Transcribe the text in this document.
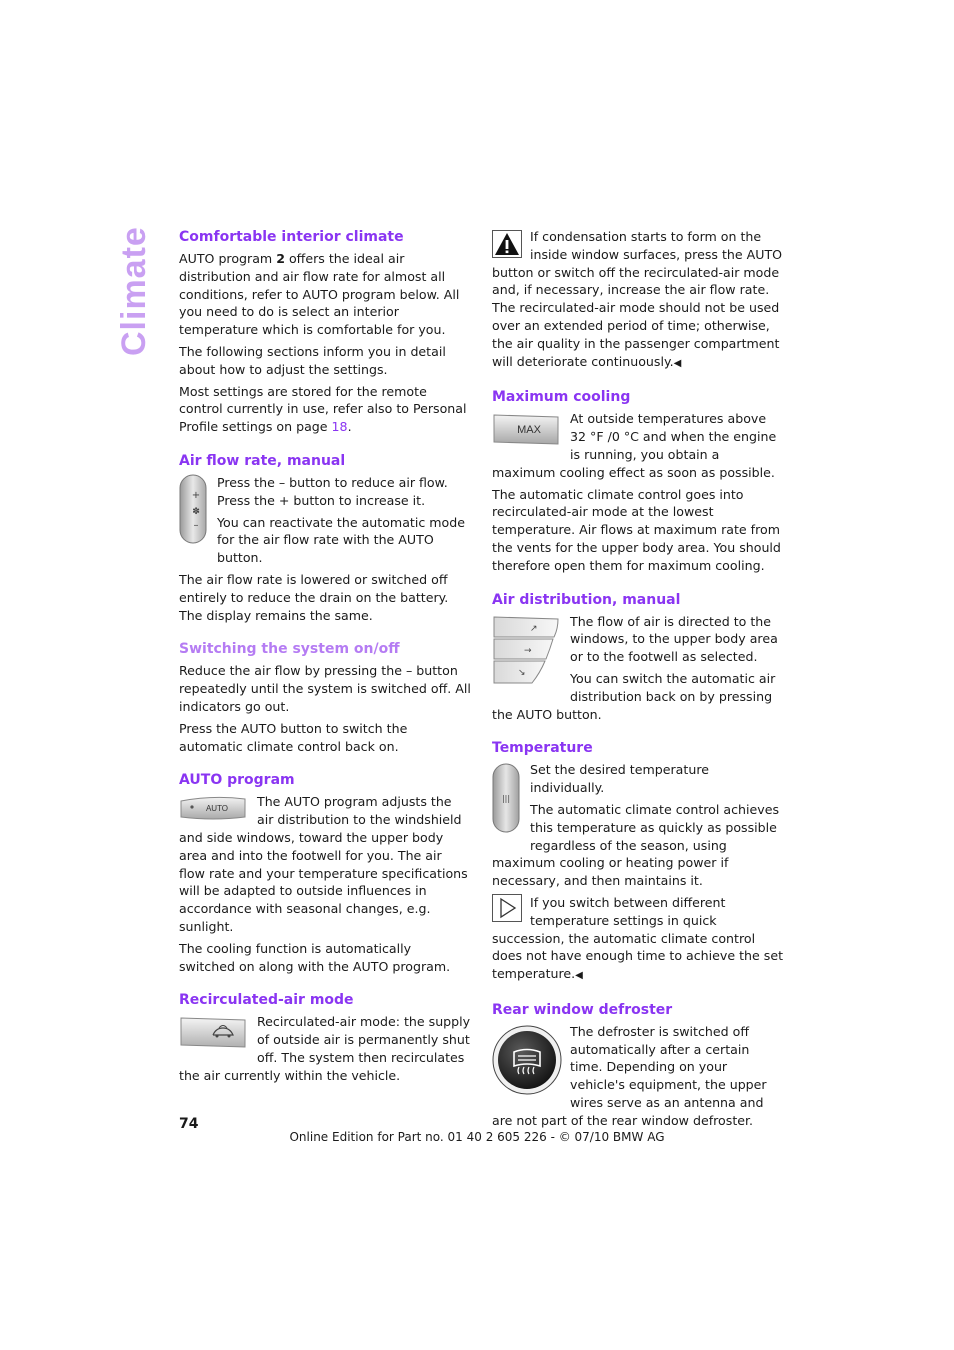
Climate Comfortable interior climate

AUTO program 2 offers the ideal air distribution and air flow rate for almost all conditions, refer to AUTO program below. All you need to do is select an interior temperature which is comfortable for you.

The following sections inform you in detail about how to adjust the settings.

Most settings are stored for the remote control currently in use, refer also to Personal Profile settings on page 18.

Air flow rate, manual
+
✽
–

Press the – button to reduce air flow. Press the + button to increase it.

You can reactivate the automatic mode for the air flow rate with the AUTO button.

The air flow rate is lowered or switched off entirely to reduce the drain on the battery. The display remains the same.

Switching the system on/off

Reduce the air flow by pressing the – button repeatedly until the system is switched off. All indicators go out.

Press the AUTO button to switch the automatic climate control back on.

AUTO program
AUTO	The AUTO program adjusts the air distribution to the windshield and side windows, toward the upper body area and into the footwell for you. The air flow rate and your temperature specifications will be adapted to outside influences in accordance with seasonal changes, e.g. sunlight.

The cooling function is automatically switched on along with the AUTO program.

Recirculated-air mode

Recirculated-air mode: the supply of outside air is permanently shut off. The system then recirculates the air currently within the vehicle.

If condensation starts to form on the inside window surfaces, press the AUTO button or switch off the recirculated-air mode and, if necessary, increase the air flow rate. The recirculated-air mode should not be used over an extended period of time; otherwise, the air quality in the passenger compartment will deteriorate continuously.◀

Maximum cooling
MAX

At outside temperatures above 32 °F /0 °C and when the engine is running, you obtain a maximum cooling effect as soon as possible.

The automatic climate control goes into recirculated-air mode at the lowest temperature. Air flows at maximum rate from the vents for the upper body area. You should therefore open them for maximum cooling.

Air distribution, manual
↗
→
↘

The flow of air is directed to the windows, to the upper body area or to the footwell as selected.

You can switch the automatic air distribution back on by pressing the AUTO button.

Temperature
|||

Set the desired temperature individually.

The automatic climate control achieves this temperature as quickly as possible regardless of the season, using maximum cooling or heating power if necessary, and then maintains it.

If you switch between different temperature settings in quick succession, the automatic climate control does not have enough time to achieve the set temperature.◀

Rear window defroster

The defroster is switched off automatically after a certain time. Depending on your vehicle's equipment, the upper wires serve as an antenna and are not part of the rear window defroster.

74
Online Edition for Part no. 01 40 2 605 226 - © 07/10 BMW AG
